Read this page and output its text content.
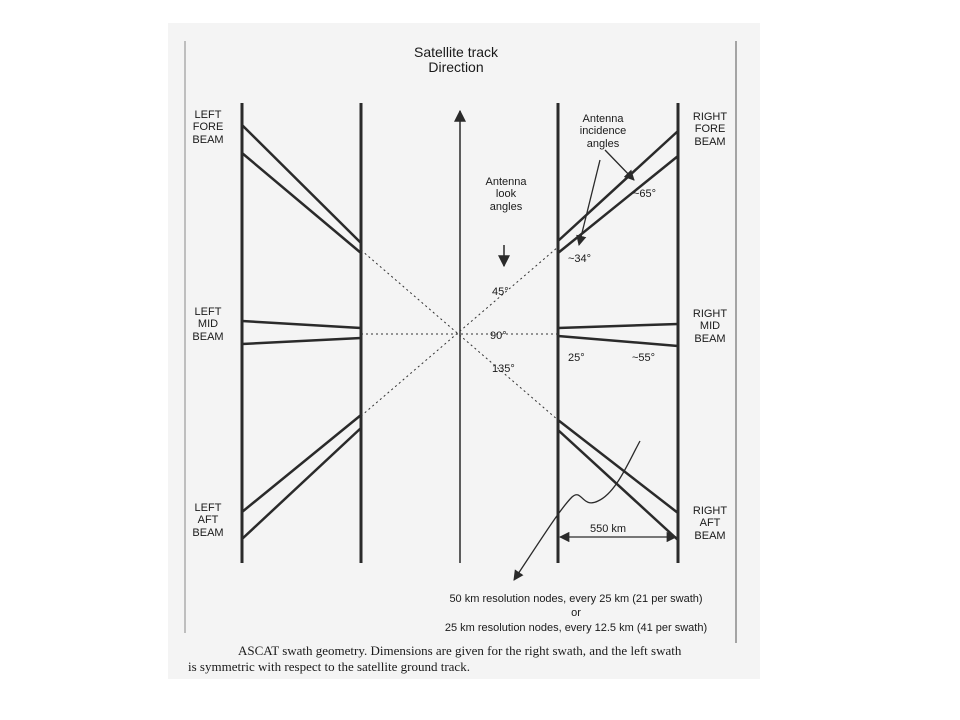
Satellite track
Direction
LEFT
FORE
BEAM
LEFT
MID
BEAM
LEFT
AFT
BEAM
RIGHT
FORE
BEAM
RIGHT
MID
BEAM
RIGHT
AFT
BEAM
Antenna
incidence
angles
Antenna
look
angles
45°
90°
135°
~65°
~34°
25°	~55°
550 km
50 km resolution nodes, every 25 km (21 per swath)
or
25 km resolution nodes, every 12.5 km (41 per swath)
ASCAT swath geometry. Dimensions are given for the right swath, and the left swath
is symmetric with respect to the satellite ground track.
